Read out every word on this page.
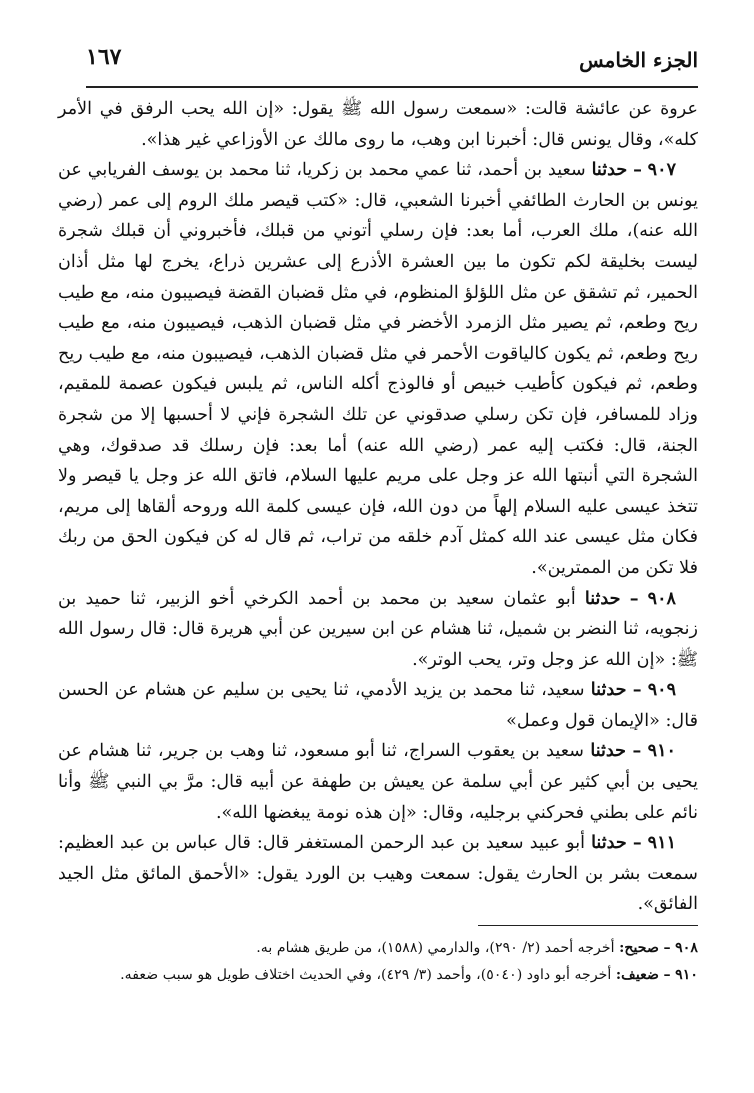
الجزء الخامس
١٦٧

عروة عن عائشة قالت: «سمعت رسول الله ﷺ يقول: «إن الله يحب الرفق في الأمر كله»، وقال يونس قال: أخبرنا ابن وهب، ما روى مالك عن الأوزاعي غير هذا».

٩٠٧ – حدثنا سعيد بن أحمد، ثنا عمي محمد بن زكريا، ثنا محمد بن يوسف الفريابي عن يونس بن الحارث الطائفي أخبرنا الشعبي، قال: «كتب قيصر ملك الروم إلى عمر (رضي الله عنه)، ملك العرب، أما بعد: فإن رسلي أتوني من قبلك، فأخبروني أن قبلك شجرة ليست بخليقة لكم تكون ما بين العشرة الأذرع إلى عشرين ذراع، يخرج لها مثل أذان الحمير، ثم تشقق عن مثل اللؤلؤ المنظوم، في مثل قضبان القضة فيصيبون منه، مع طيب ريح وطعم، ثم يصير مثل الزمرد الأخضر في مثل قضبان الذهب، فيصيبون منه، مع طيب ريح وطعم، ثم يكون كالياقوت الأحمر في مثل قضبان الذهب، فيصيبون منه، مع طيب ريح وطعم، ثم فيكون كأطيب خبيص أو فالوذج أكله الناس، ثم يلبس فيكون عصمة للمقيم، وزاد للمسافر، فإن تكن رسلي صدقوني عن تلك الشجرة فإني لا أحسبها إلا من شجرة الجنة، قال: فكتب إليه عمر (رضي الله عنه) أما بعد: فإن رسلك قد صدقوك، وهي الشجرة التي أنبتها الله عز وجل على مريم عليها السلام، فاتق الله عز وجل يا قيصر ولا تتخذ عيسى عليه السلام إلهاً من دون الله، فإن عيسى كلمة الله وروحه ألقاها إلى مريم، فكان مثل عيسى عند الله كمثل آدم خلقه من تراب، ثم قال له كن فيكون الحق من ربك فلا تكن من الممترين».

٩٠٨ – حدثنا أبو عثمان سعيد بن محمد بن أحمد الكرخي أخو الزبير، ثنا حميد بن زنجويه، ثنا النضر بن شميل، ثنا هشام عن ابن سيرين عن أبي هريرة قال: قال رسول الله ﷺ: «إن الله عز وجل وتر، يحب الوتر».

٩٠٩ – حدثنا سعيد، ثنا محمد بن يزيد الأدمي، ثنا يحيى بن سليم عن هشام عن الحسن قال: «الإيمان قول وعمل»

٩١٠ – حدثنا سعيد بن يعقوب السراج، ثنا أبو مسعود، ثنا وهب بن جرير، ثنا هشام عن يحيى بن أبي كثير عن أبي سلمة عن يعيش بن طهفة عن أبيه قال: مرَّ بي النبي ﷺ وأنا نائم على بطني فحركني برجليه، وقال: «إن هذه نومة يبغضها الله».

٩١١ – حدثنا أبو عبيد سعيد بن عبد الرحمن المستغفر قال: قال عباس بن عبد العظيم: سمعت بشر بن الحارث يقول: سمعت وهيب بن الورد يقول: «الأحمق المائق مثل الجيد الفائق».

٩٠٨ – صحيح: أخرجه أحمد (٢/ ٢٩٠)، والدارمي (١٥٨٨)، من طريق هشام به.

٩١٠ – ضعيف: أخرجه أبو داود (٥٠٤٠)، وأحمد (٣/ ٤٢٩)، وفي الحديث اختلاف طويل هو سبب ضعفه.
